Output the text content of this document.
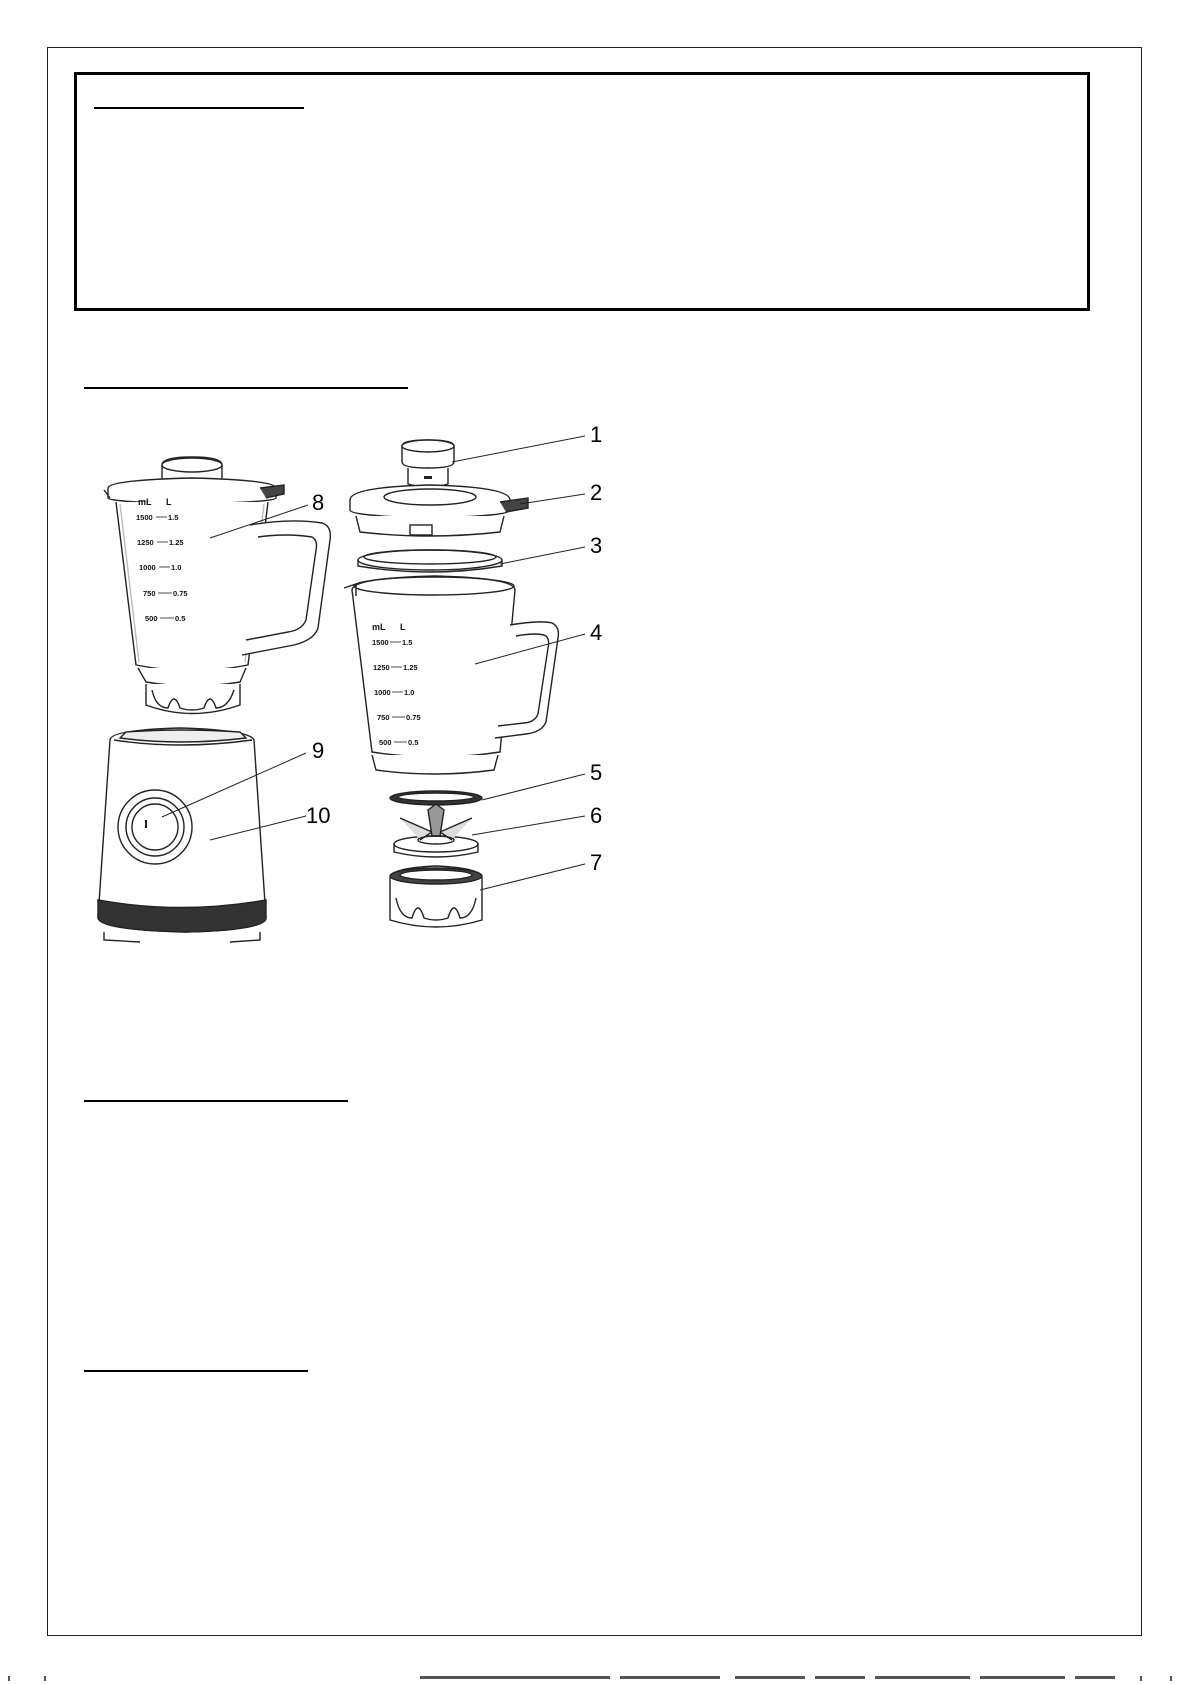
mL L
1500 1.5
1250 1.25
1000 1.0
750 0.75
500 0.5
mL L
1500 1.5
1250 1.25
1000 1.0
750 0.75
500 0.5
1
2
3
4
5
6
7
8
9
10
